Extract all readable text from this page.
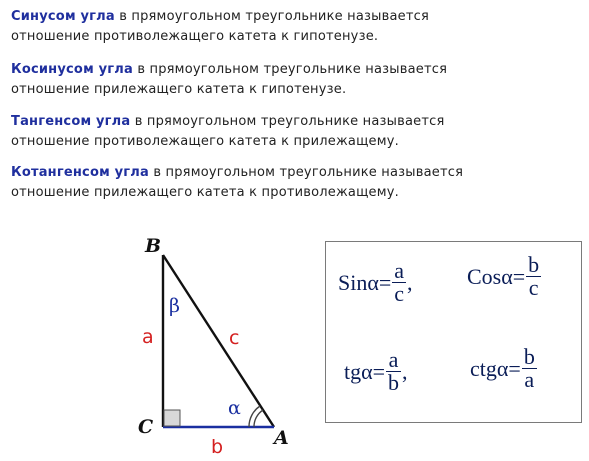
Синусом угла в прямоугольном треугольнике называется
отношение противолежащего катета к гипотенузе.
Косинусом угла в прямоугольном треугольнике называется
отношение прилежащего катета к гипотенузе.
Тангенсом угла в прямоугольном треугольнике называется
отношение противолежащего катета к прилежащему.
Котангенсом угла в прямоугольном треугольнике называется
отношение прилежащего катета к противолежащему.
B
C	A
a
b
c
β
α
$Sin\alpha= \frac{a}{c}$ , $Cos\alpha= \frac{b}{c}$
$tg\alpha= \frac{a}{b}$ ,	$ctg\alpha= \frac{b}{a}$
